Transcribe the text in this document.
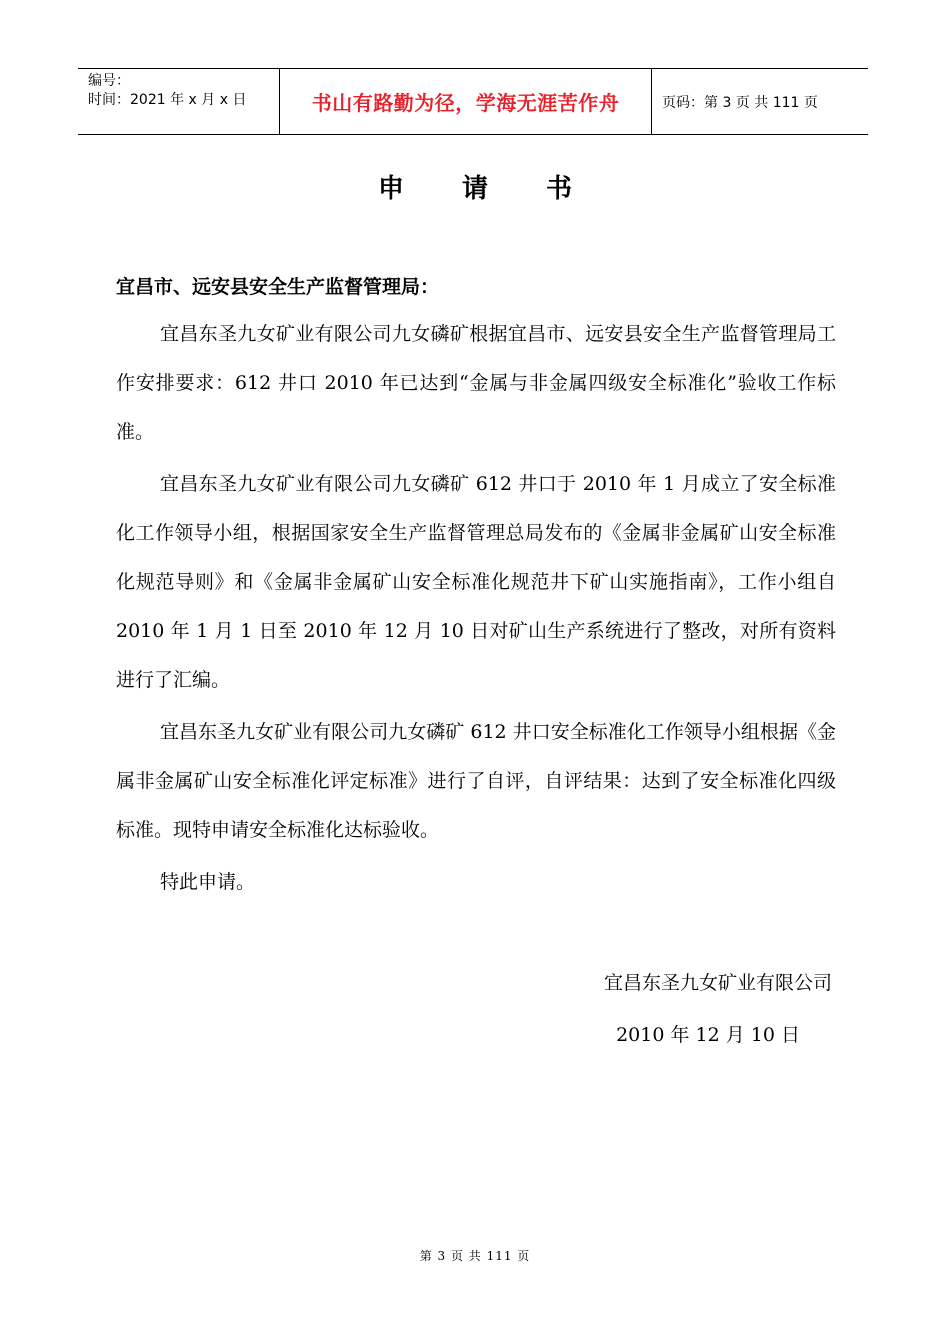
编号：
时间：2021 年 x 月 x 日	书山有路勤为径，学海无涯苦作舟	页码：第 3 页 共 111 页
申请书
宜昌市、远安县安全生产监督管理局：

宜昌东圣九女矿业有限公司九女磷矿根据宜昌市、远安县安全生产监督管理局工作安排要求：612 井口 2010 年已达到“金属与非金属四级安全标准化”验收工作标准。

宜昌东圣九女矿业有限公司九女磷矿 612 井口于 2010 年 1 月成立了安全标准化工作领导小组，根据国家安全生产监督管理总局发布的《金属非金属矿山安全标准化规范导则》和《金属非金属矿山安全标准化规范井下矿山实施指南》，工作小组自 2010 年 1 月 1 日至 2010 年 12 月 10 日对矿山生产系统进行了整改，对所有资料进行了汇编。

宜昌东圣九女矿业有限公司九女磷矿 612 井口安全标准化工作领导小组根据《金属非金属矿山安全标准化评定标准》进行了自评，自评结果：达到了安全标准化四级标准。现特申请安全标准化达标验收。

特此申请。

宜昌东圣九女矿业有限公司
2010 年 12 月 10 日
第 3 页 共 111 页
